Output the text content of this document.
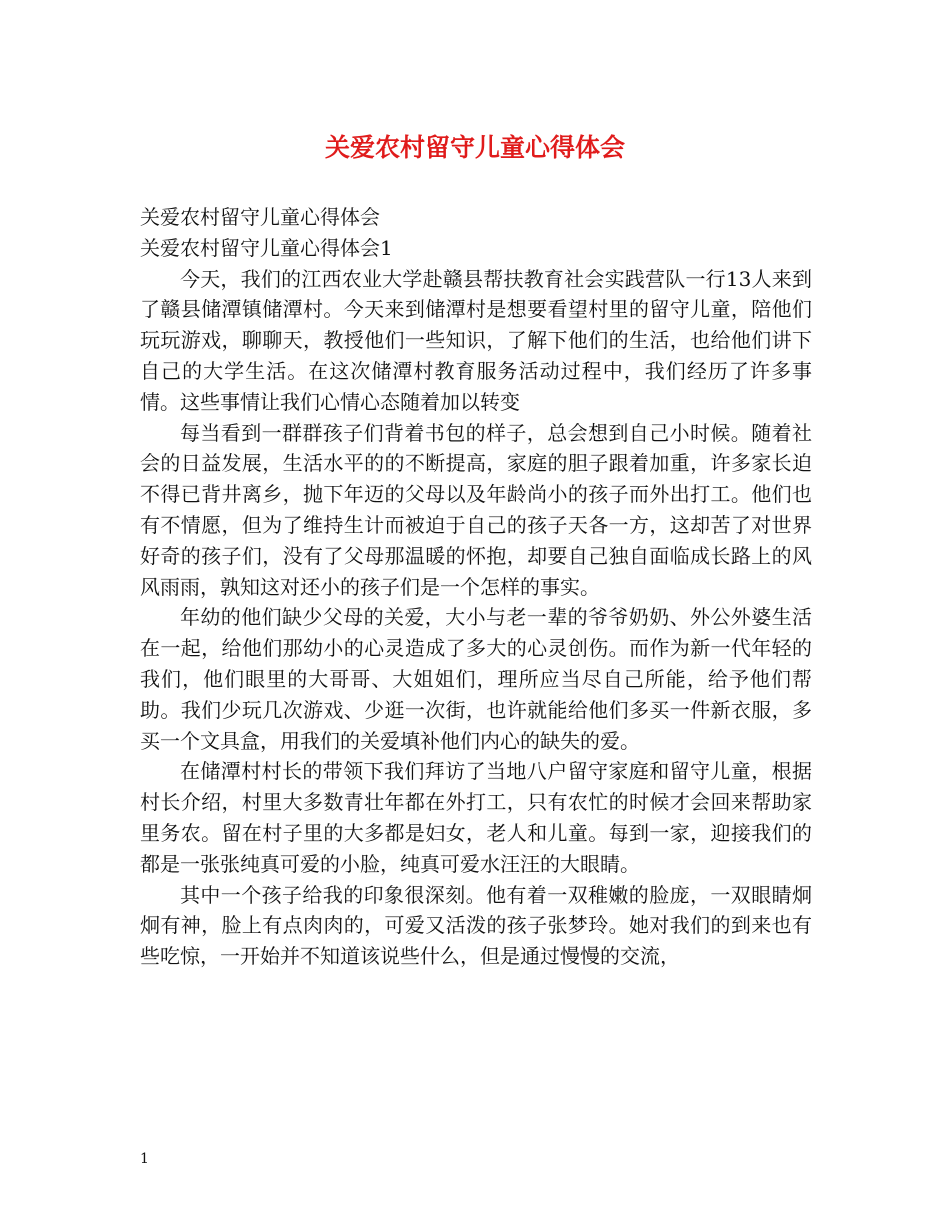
关爱农村留守儿童心得体会

关爱农村留守儿童心得体会

关爱农村留守儿童心得体会1

今天，我们的江西农业大学赴赣县帮扶教育社会实践营队一行13人来到了赣县储潭镇储潭村。今天来到储潭村是想要看望村里的留守儿童，陪他们玩玩游戏，聊聊天，教授他们一些知识，了解下他们的生活，也给他们讲下自己的大学生活。在这次储潭村教育服务活动过程中，我们经历了许多事情。这些事情让我们心情心态随着加以转变

每当看到一群群孩子们背着书包的样子，总会想到自己小时候。随着社会的日益发展，生活水平的的不断提高，家庭的胆子跟着加重，许多家长迫不得已背井离乡，抛下年迈的父母以及年龄尚小的孩子而外出打工。他们也有不情愿，但为了维持生计而被迫于自己的孩子天各一方，这却苦了对世界好奇的孩子们，没有了父母那温暖的怀抱，却要自己独自面临成长路上的风风雨雨，孰知这对还小的孩子们是一个怎样的事实。

年幼的他们缺少父母的关爱，大小与老一辈的爷爷奶奶、外公外婆生活在一起，给他们那幼小的心灵造成了多大的心灵创伤。而作为新一代年轻的我们，他们眼里的大哥哥、大姐姐们，理所应当尽自己所能，给予他们帮助。我们少玩几次游戏、少逛一次街，也许就能给他们多买一件新衣服，多买一个文具盒，用我们的关爱填补他们内心的缺失的爱。

在储潭村村长的带领下我们拜访了当地八户留守家庭和留守儿童，根据村长介绍，村里大多数青壮年都在外打工，只有农忙的时候才会回来帮助家里务农。留在村子里的大多都是妇女，老人和儿童。每到一家，迎接我们的都是一张张纯真可爱的小脸，纯真可爱水汪汪的大眼睛。

其中一个孩子给我的印象很深刻。他有着一双稚嫩的脸庞，一双眼睛炯炯有神，脸上有点肉肉的，可爱又活泼的孩子张梦玲。她对我们的到来也有些吃惊，一开始并不知道该说些什么，但是通过慢慢的交流，

1
